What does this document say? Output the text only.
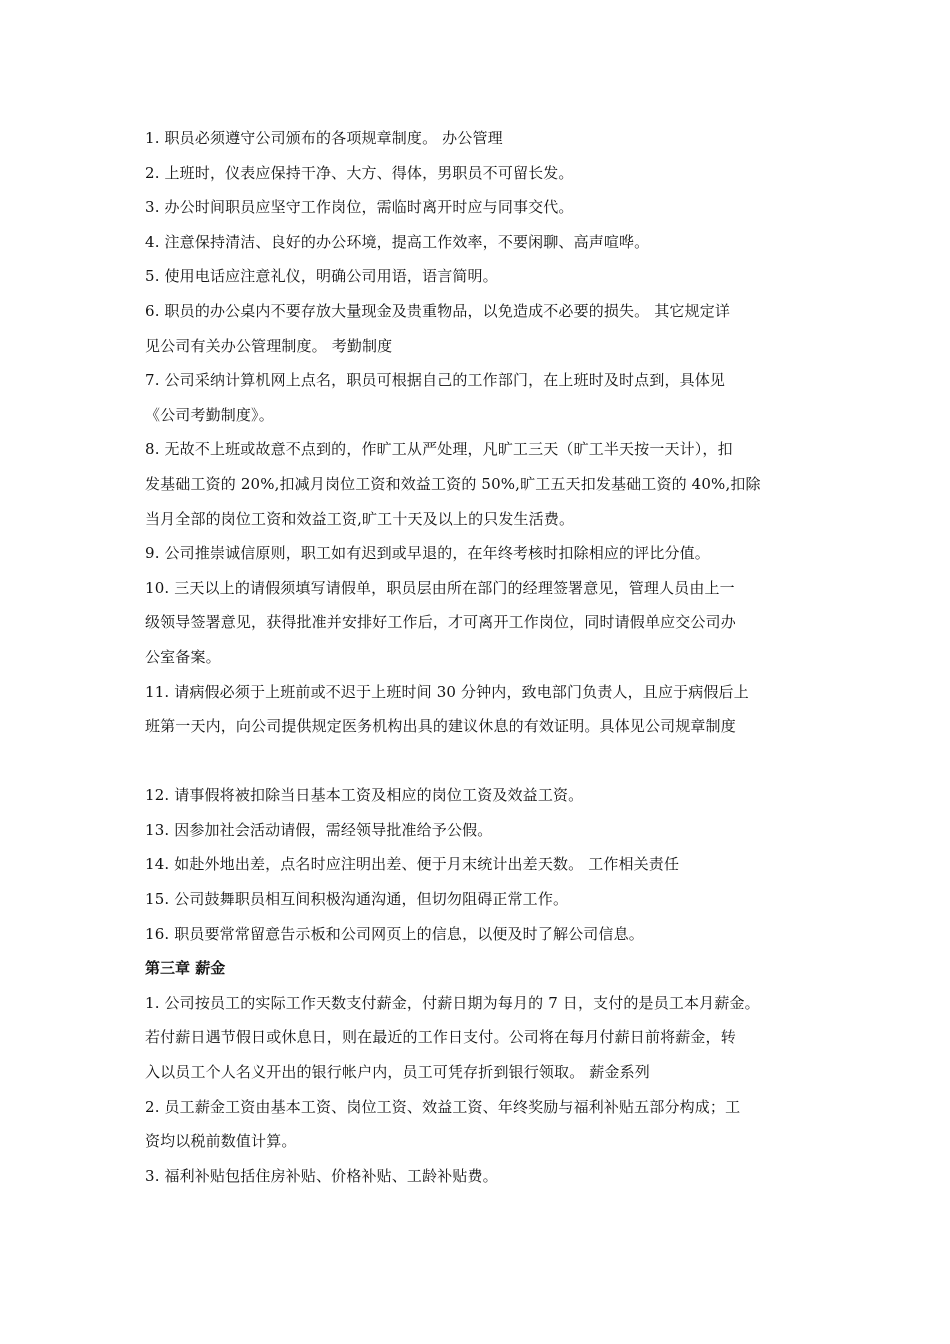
1. 职员必须遵守公司颁布的各项规章制度。 办公管理
2. 上班时，仪表应保持干净、大方、得体，男职员不可留长发。
3. 办公时间职员应坚守工作岗位，需临时离开时应与同事交代。
4. 注意保持清洁、良好的办公环境，提高工作效率，不要闲聊、高声喧哗。
5. 使用电话应注意礼仪，明确公司用语，语言简明。
6. 职员的办公桌内不要存放大量现金及贵重物品，以免造成不必要的损失。 其它规定详
见公司有关办公管理制度。 考勤制度
7. 公司采纳计算机网上点名，职员可根据自己的工作部门，在上班时及时点到，具体见
《公司考勤制度》。
8. 无故不上班或故意不点到的，作旷工从严处理，凡旷工三天（旷工半天按一天计），扣
发基础工资的 20%,扣减月岗位工资和效益工资的 50%,旷工五天扣发基础工资的 40%,扣除
当月全部的岗位工资和效益工资,旷工十天及以上的只发生活费。
9. 公司推崇诚信原则，职工如有迟到或早退的，在年终考核时扣除相应的评比分值。
10. 三天以上的请假须填写请假单，职员层由所在部门的经理签署意见，管理人员由上一
级领导签署意见，获得批准并安排好工作后，才可离开工作岗位，同时请假单应交公司办
公室备案。
11. 请病假必须于上班前或不迟于上班时间 30 分钟内，致电部门负责人，且应于病假后上
班第一天内，向公司提供规定医务机构出具的建议休息的有效证明。具体见公司规章制度
12. 请事假将被扣除当日基本工资及相应的岗位工资及效益工资。
13. 因参加社会活动请假，需经领导批准给予公假。
14. 如赴外地出差，点名时应注明出差、便于月末统计出差天数。 工作相关责任
15. 公司鼓舞职员相互间积极沟通沟通，但切勿阻碍正常工作。
16. 职员要常常留意告示板和公司网页上的信息，以便及时了解公司信息。
第三章 薪金
1. 公司按员工的实际工作天数支付薪金，付薪日期为每月的 7 日，支付的是员工本月薪金。
若付薪日遇节假日或休息日，则在最近的工作日支付。公司将在每月付薪日前将薪金，转
入以员工个人名义开出的银行帐户内，员工可凭存折到银行领取。 薪金系列
2. 员工薪金工资由基本工资、岗位工资、效益工资、年终奖励与福利补贴五部分构成；工
资均以税前数值计算。
3. 福利补贴包括住房补贴、价格补贴、工龄补贴费。
